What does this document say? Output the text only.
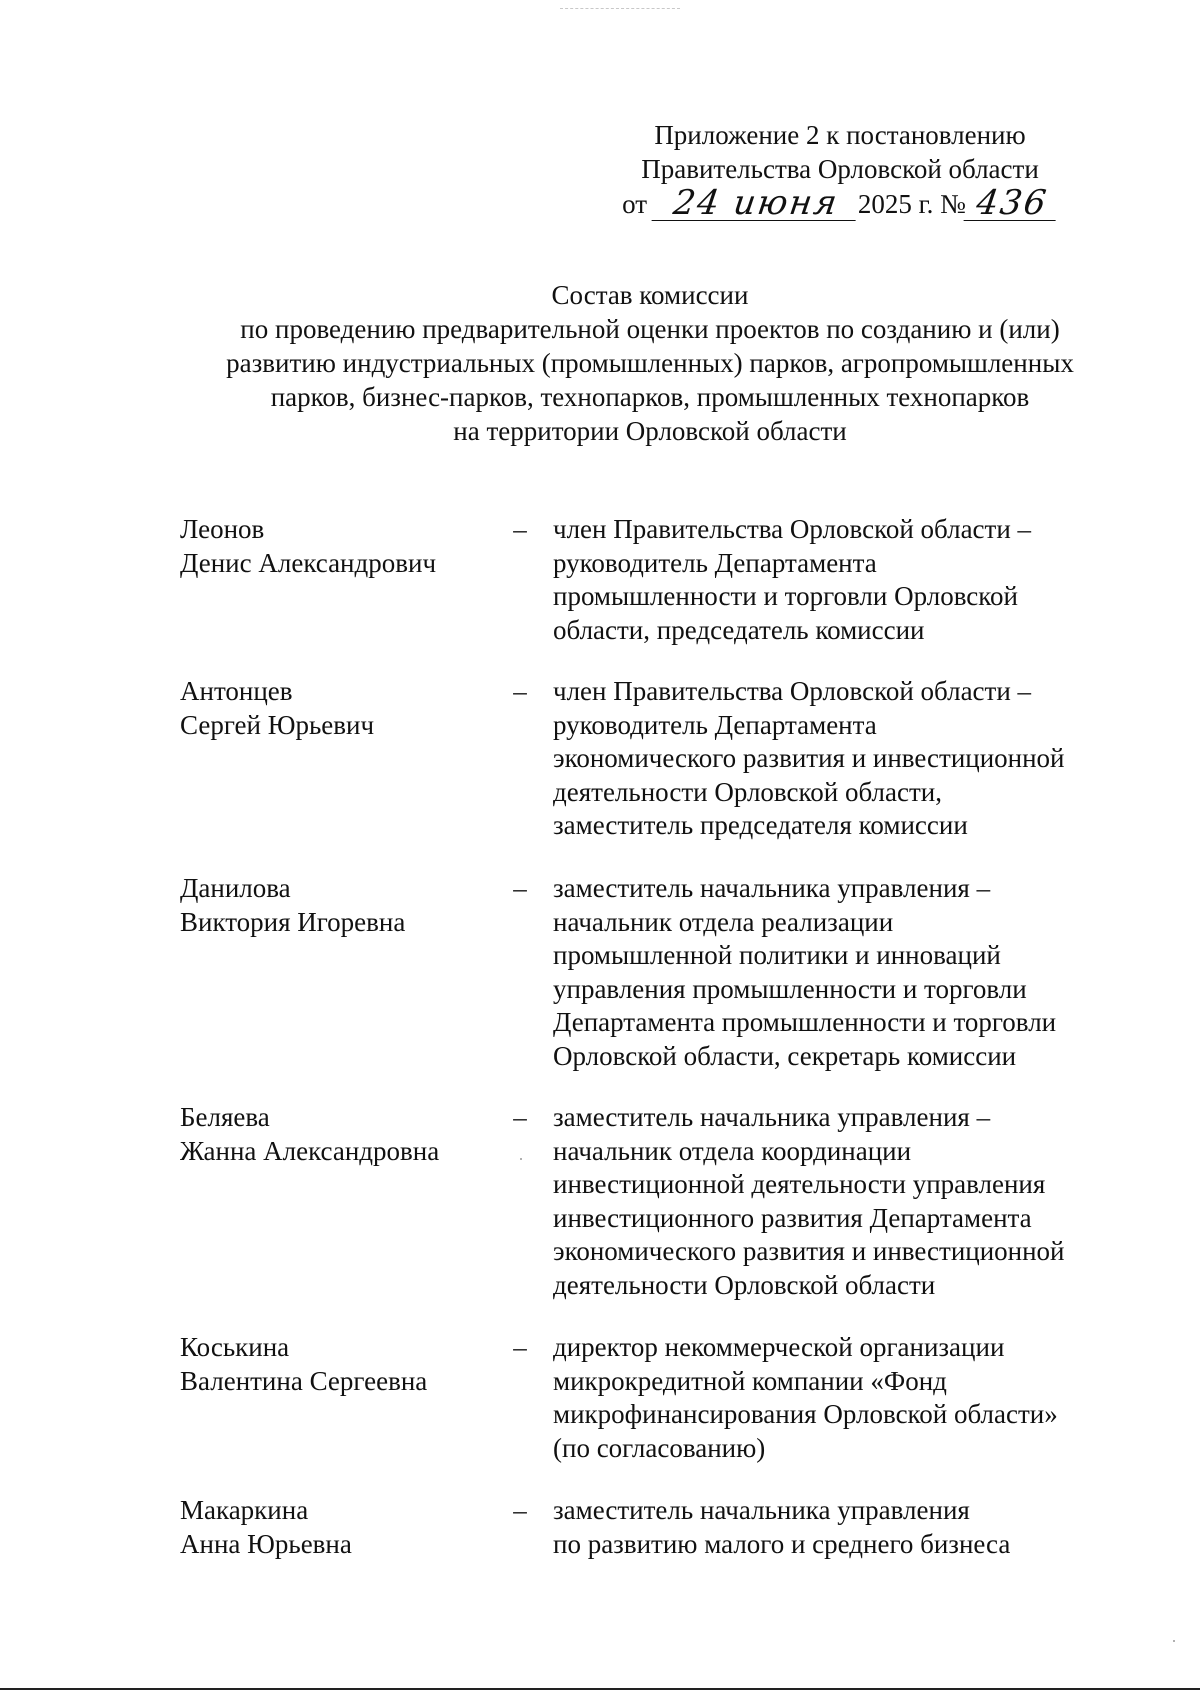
Приложение 2 к постановлению
Правительства Орловской области
от
24 июня 2025 г. № 436
Состав комиссии
по проведению предварительной оценки проектов по созданию и (или)
развитию индустриальных (промышленных) парков, агропромышленных
парков, бизнес-парков, технопарков, промышленных технопарков
на территории Орловской области
Леонов
Денис Александрович
– член Правительства Орловской области –
руководитель Департамента
промышленности и торговли Орловской
области, председатель комиссии
Антонцев
Сергей Юрьевич
– член Правительства Орловской области –
руководитель Департамента
экономического развития и инвестиционной
деятельности Орловской области,
заместитель председателя комиссии
Данилова
Виктория Игоревна
– заместитель начальника управления –
начальник отдела реализации
промышленной политики и инноваций
управления промышленности и торговли
Департамента промышленности и торговли
Орловской области, секретарь комиссии
Беляева
Жанна Александровна
– заместитель начальника управления –
начальник отдела координации
инвестиционной деятельности управления
инвестиционного развития Департамента
экономического развития и инвестиционной
деятельности Орловской области
Коськина
Валентина Сергеевна
– директор некоммерческой организации
микрокредитной компании «Фонд
микрофинансирования Орловской области»
(по согласованию)
Макаркина
Анна Юрьевна
– заместитель начальника управления
по развитию малого и среднего бизнеса
